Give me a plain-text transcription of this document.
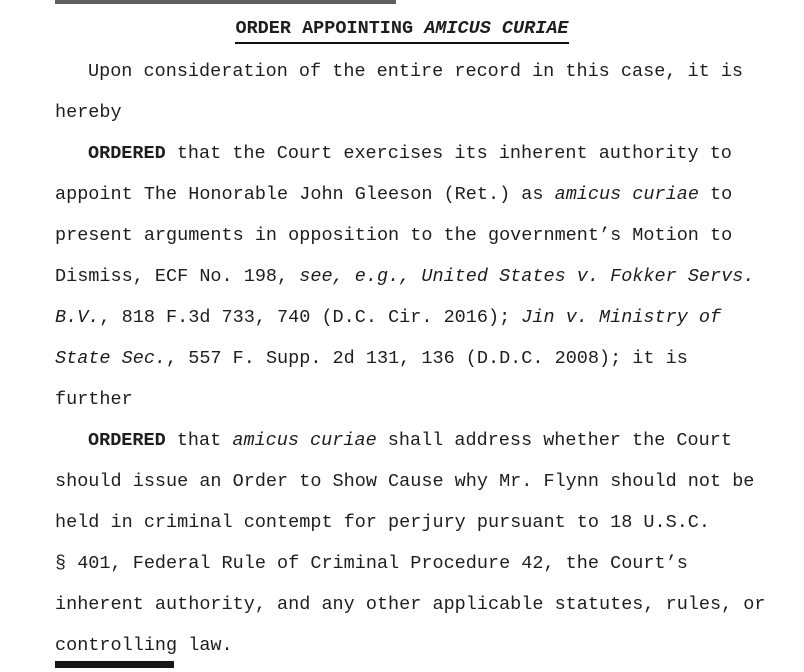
ORDER APPOINTING AMICUS CURIAE
Upon consideration of the entire record in this case, it is
hereby
ORDERED that the Court exercises its inherent authority to
appoint The Honorable John Gleeson (Ret.) as amicus curiae to
present arguments in opposition to the government’s Motion to
Dismiss, ECF No. 198, see, e.g., United States v. Fokker Servs.
B.V., 818 F.3d 733, 740 (D.C. Cir. 2016); Jin v. Ministry of
State Sec., 557 F. Supp. 2d 131, 136 (D.D.C. 2008); it is
further
ORDERED that amicus curiae shall address whether the Court
should issue an Order to Show Cause why Mr. Flynn should not be
held in criminal contempt for perjury pursuant to 18 U.S.C.
§ 401, Federal Rule of Criminal Procedure 42, the Court’s
inherent authority, and any other applicable statutes, rules, or
controlling law.
